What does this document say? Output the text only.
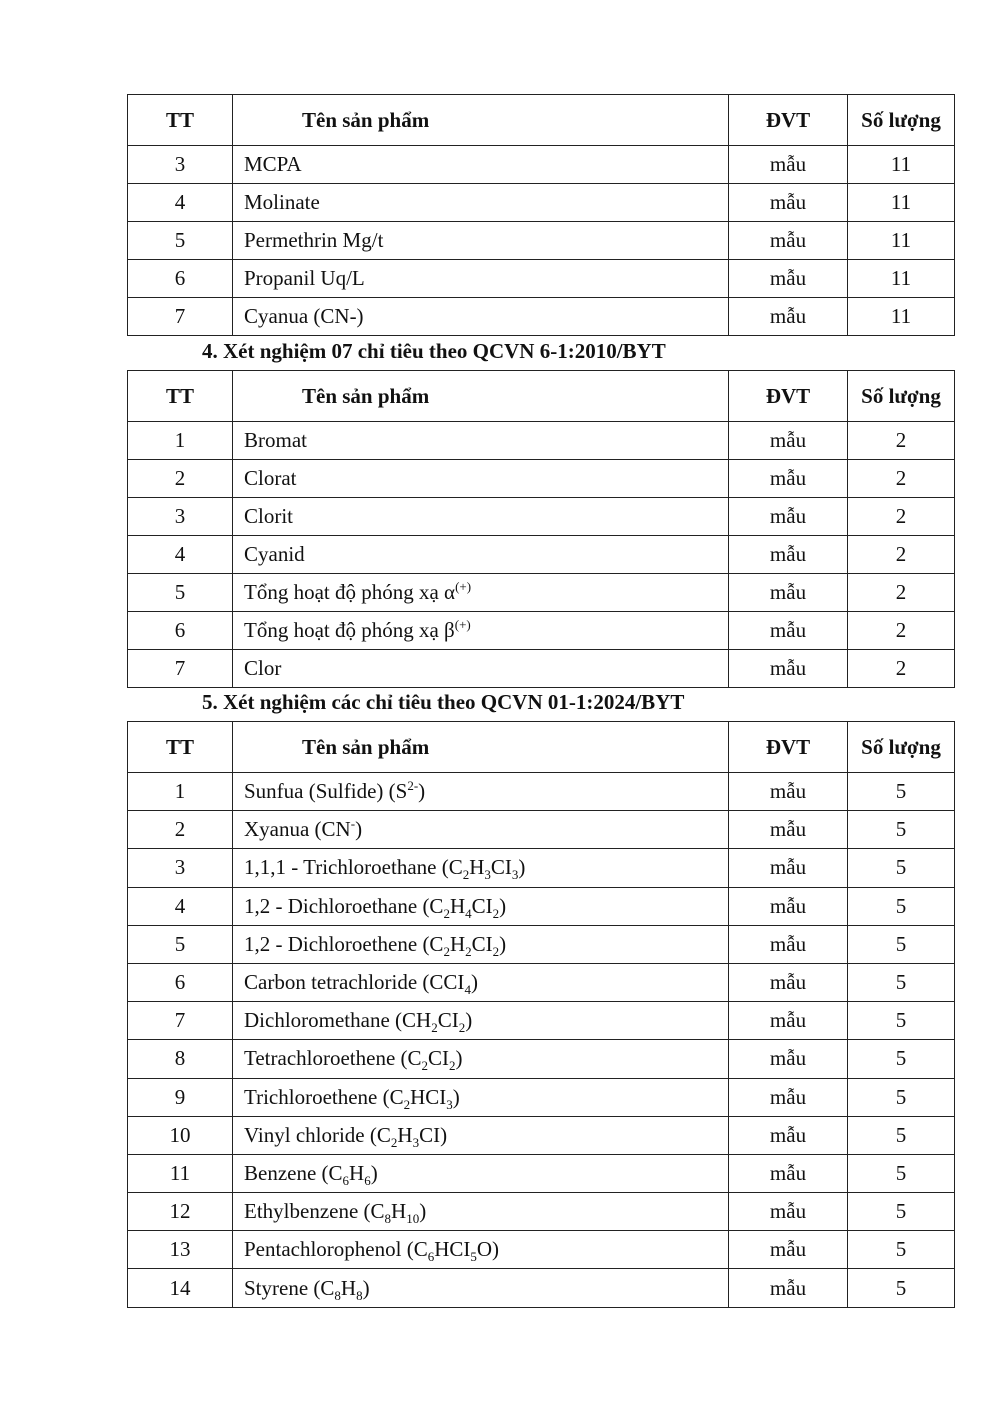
TT	Tên sản phẩm	ĐVT	Số lượng
3	MCPA	mẫu	11
4	Molinate	mẫu	11
5	Permethrin Mg/t	mẫu	11
6	Propanil Uq/L	mẫu	11
7	Cyanua (CN-)	mẫu	11

4. Xét nghiệm 07 chỉ tiêu theo QCVN 6-1:2010/BYT

TT	Tên sản phẩm	ĐVT	Số lượng
1	Bromat	mẫu	2
2	Clorat	mẫu	2
3	Clorit	mẫu	2
4	Cyanid	mẫu	2
5	Tổng hoạt độ phóng xạ α(+)	mẫu	2
6	Tổng hoạt độ phóng xạ β(+)	mẫu	2
7	Clor	mẫu	2

5. Xét nghiệm các chỉ tiêu theo QCVN 01-1:2024/BYT

TT	Tên sản phẩm	ĐVT	Số lượng
1	Sunfua (Sulfide) $(S^{2-})$	mẫu	5
2	Xyanua (CN-)	mẫu	5
3	1,1,1 - Trichloroethane $(C_2H_3CI_3)$	mẫu	5
4	1,2 - Dichloroethane $(C_2H_4CI_2)$	mẫu	5
5	1,2 - Dichloroethene $(C_2H_2CI_2)$	mẫu	5
6	Carbon tetrachloride $(CCI_4)$	mẫu	5
7	Dichloromethane $(CH_2CI_2)$	mẫu	5
8	Tetrachloroethene $(C_2CI_2)$	mẫu	5
9	Trichloroethene $(C_2HCI_3)$	mẫu	5
10	Vinyl chloride $(C_2H_3CI)$	mẫu	5
11	Benzene $(C_6H_6)$	mẫu	5
12	Ethylbenzene $(C_8H_{10})$	mẫu	5
13	Pentachlorophenol $(C_6HCI_5O)$	mẫu	5
14	Styrene $(C_8H_8)$	mẫu	5
